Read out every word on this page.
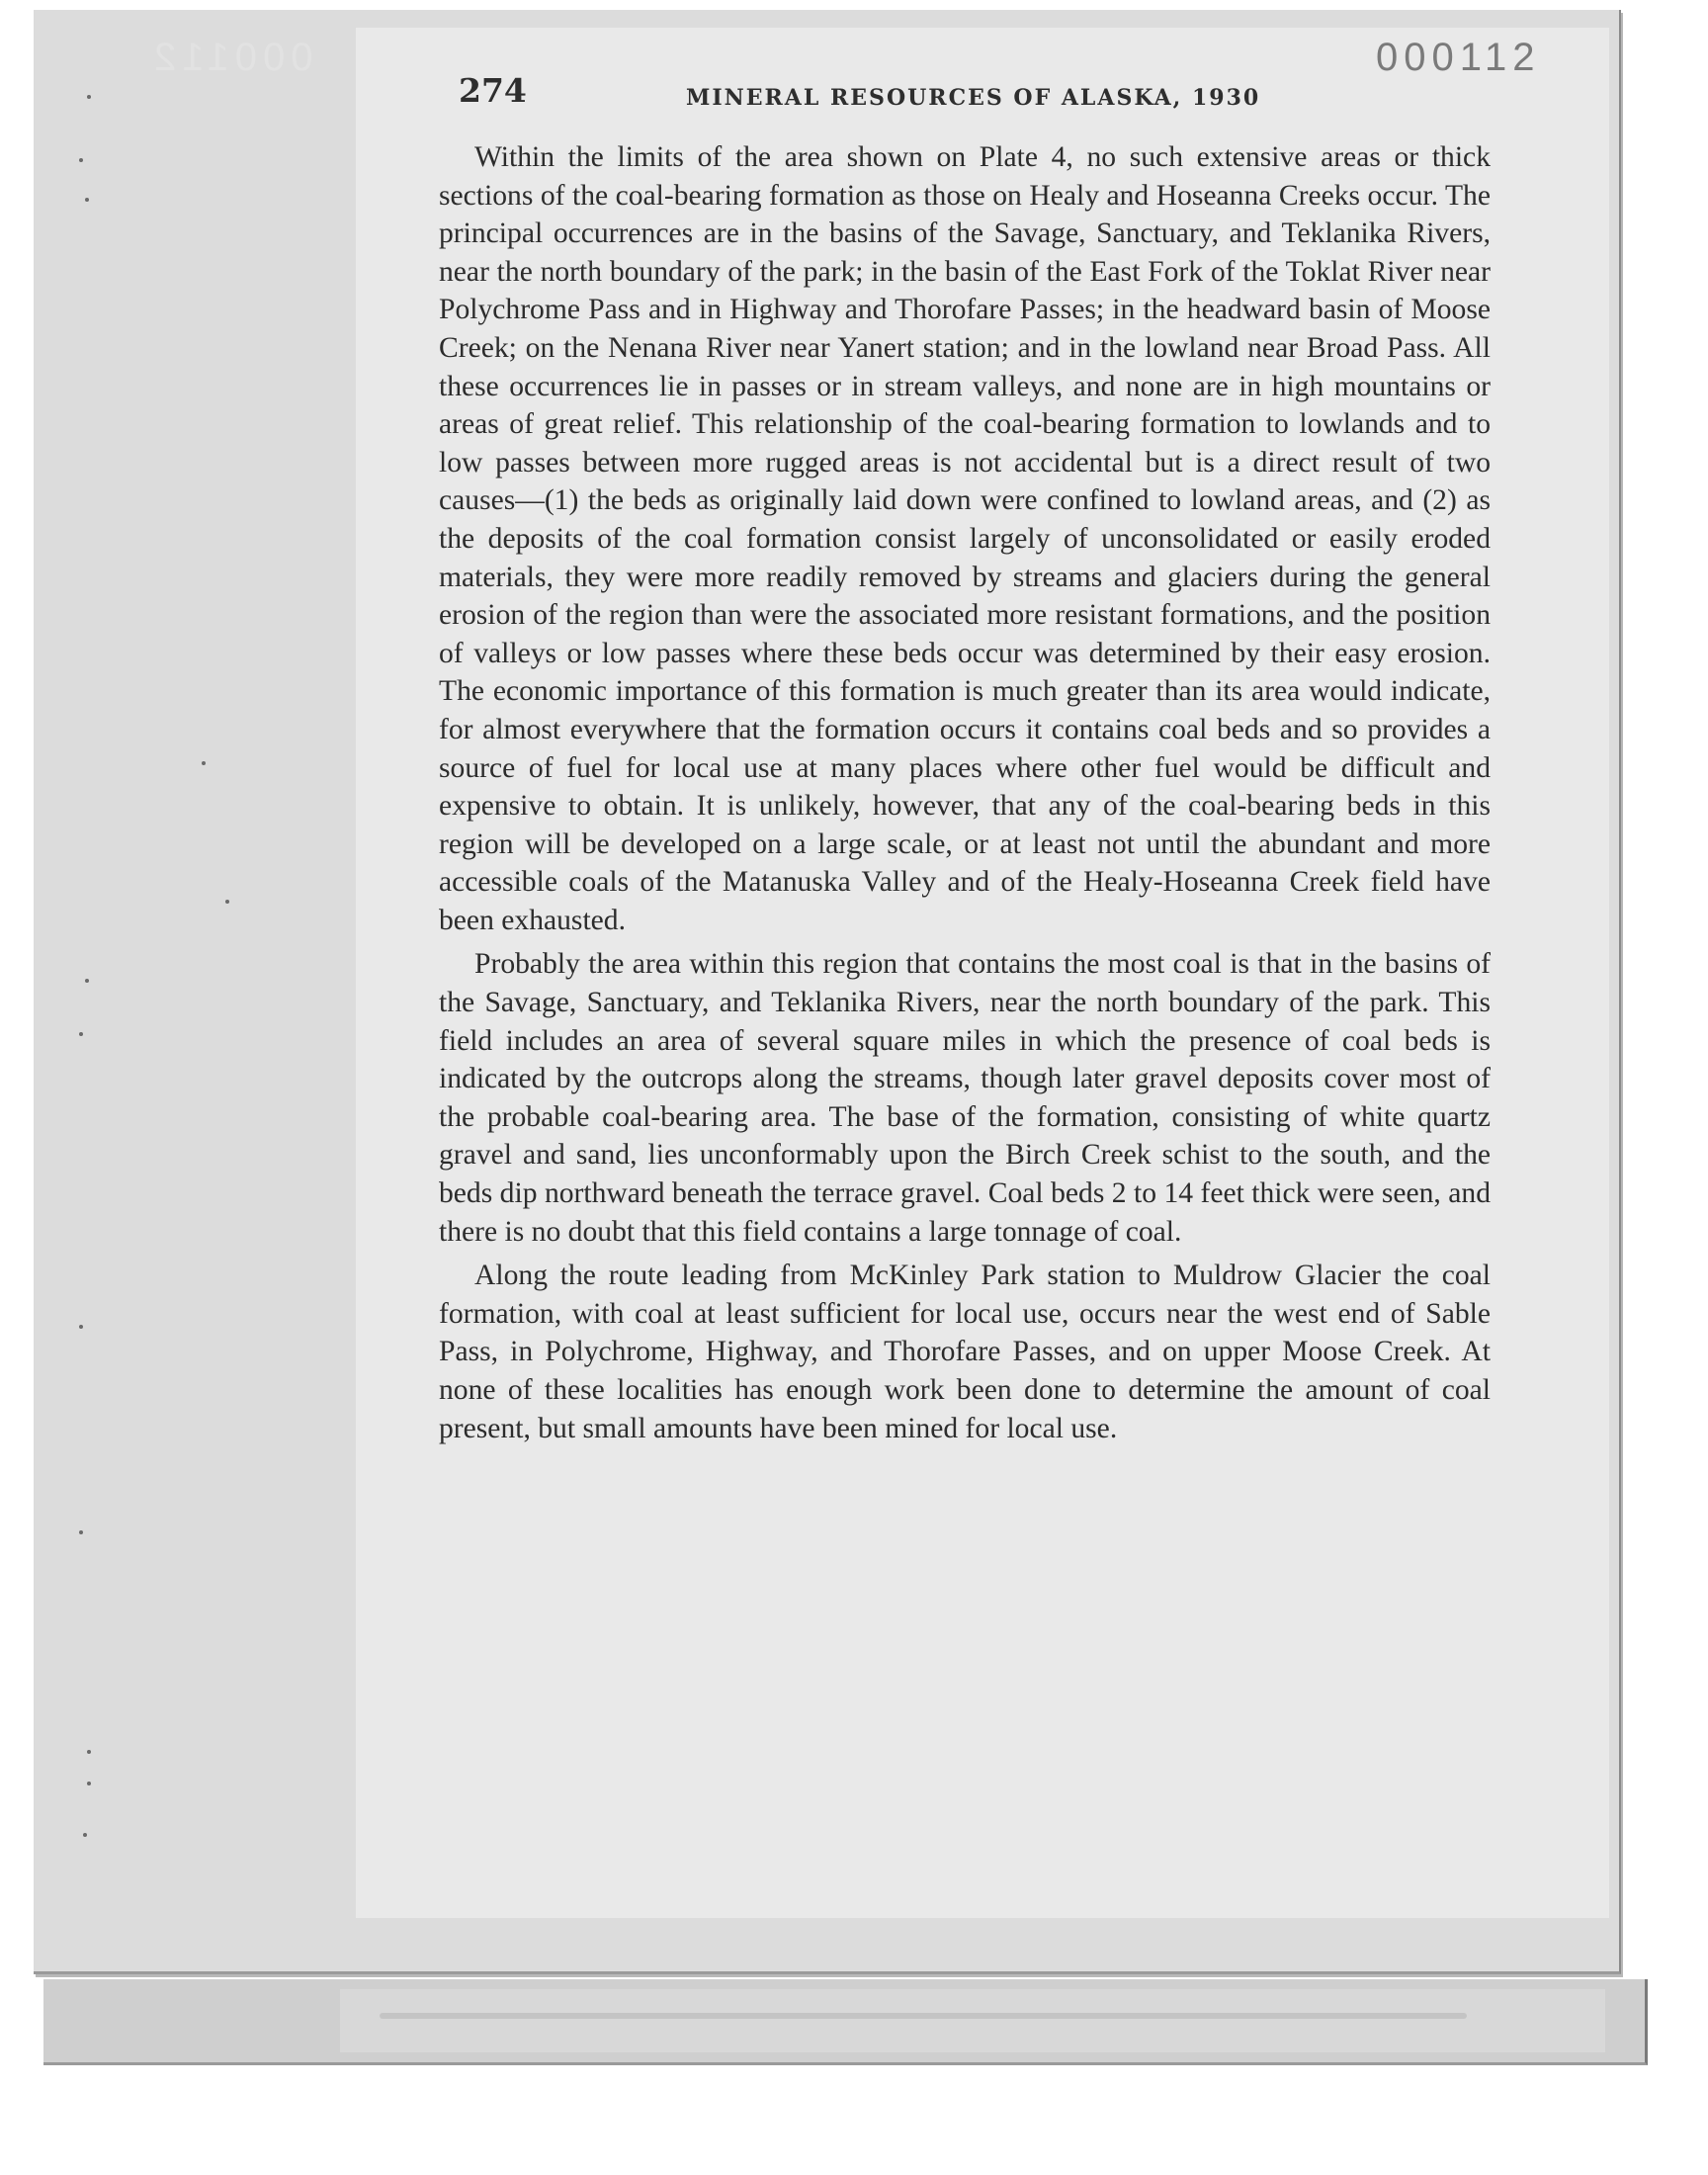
000112	000112
274	MINERAL RESOURCES OF ALASKA, 1930

Within the limits of the area shown on Plate 4, no such extensive areas or thick sections of the coal-bearing formation as those on Healy and Hoseanna Creeks occur. The principal occurrences are in the basins of the Savage, Sanctuary, and Teklanika Rivers, near the north boundary of the park; in the basin of the East Fork of the Toklat River near Polychrome Pass and in Highway and Thorofare Passes; in the headward basin of Moose Creek; on the Nenana River near Yanert station; and in the lowland near Broad Pass. All these occurrences lie in passes or in stream valleys, and none are in high mountains or areas of great relief. This relationship of the coal-bearing formation to lowlands and to low passes between more rugged areas is not accidental but is a direct result of two causes—(1) the beds as originally laid down were confined to lowland areas, and (2) as the deposits of the coal formation consist largely of unconsolidated or easily eroded materials, they were more readily removed by streams and glaciers during the general erosion of the region than were the associated more resistant formations, and the position of valleys or low passes where these beds occur was determined by their easy erosion. The economic importance of this formation is much greater than its area would indicate, for almost everywhere that the formation occurs it contains coal beds and so provides a source of fuel for local use at many places where other fuel would be difficult and expensive to obtain. It is unlikely, however, that any of the coal-bearing beds in this region will be developed on a large scale, or at least not until the abundant and more accessible coals of the Matanuska Valley and of the Healy-Hoseanna Creek field have been exhausted.

Probably the area within this region that contains the most coal is that in the basins of the Savage, Sanctuary, and Teklanika Rivers, near the north boundary of the park. This field includes an area of several square miles in which the presence of coal beds is indicated by the outcrops along the streams, though later gravel deposits cover most of the probable coal-bearing area. The base of the formation, consisting of white quartz gravel and sand, lies unconformably upon the Birch Creek schist to the south, and the beds dip northward beneath the terrace gravel. Coal beds 2 to 14 feet thick were seen, and there is no doubt that this field contains a large tonnage of coal.

Along the route leading from McKinley Park station to Muldrow Glacier the coal formation, with coal at least sufficient for local use, occurs near the west end of Sable Pass, in Polychrome, Highway, and Thorofare Passes, and on upper Moose Creek. At none of these localities has enough work been done to determine the amount of coal present, but small amounts have been mined for local use.
